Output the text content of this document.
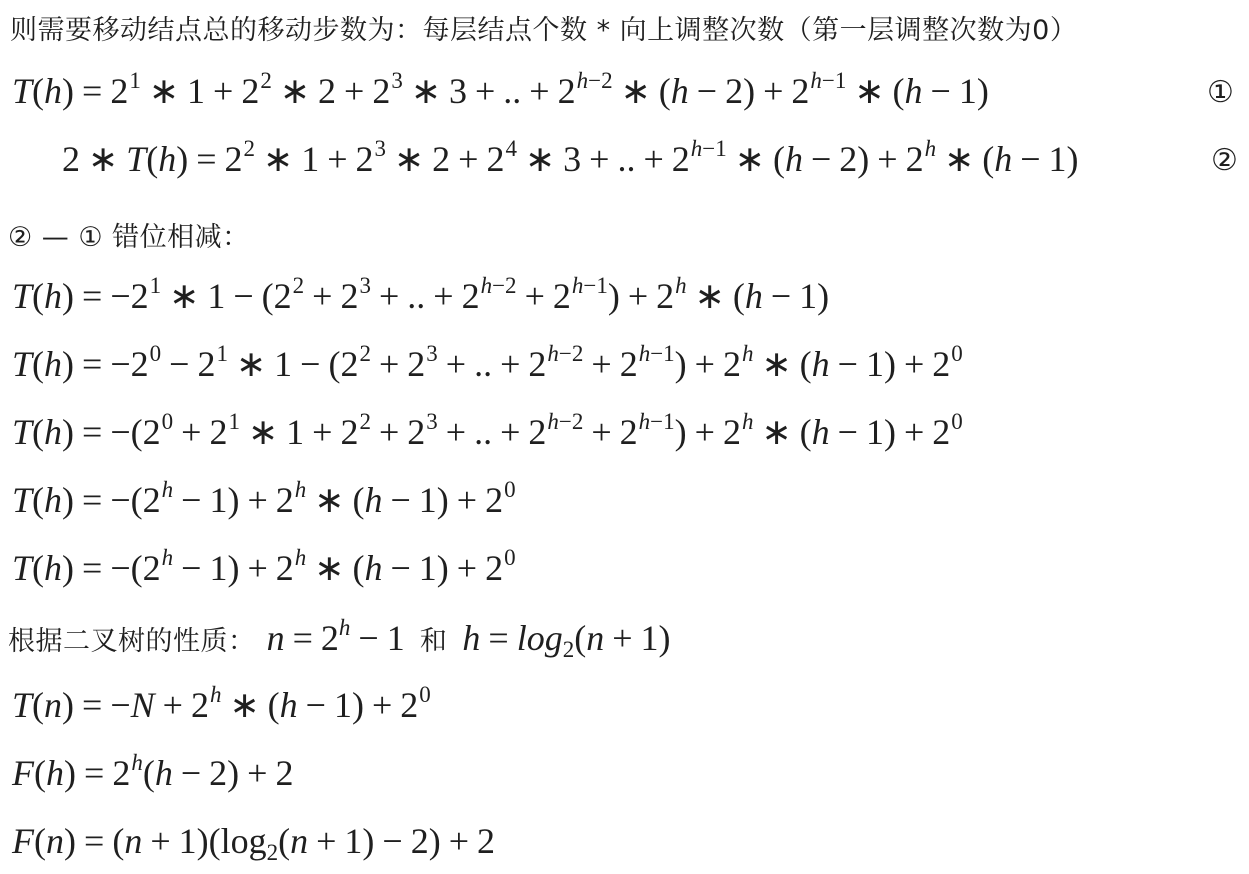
则需要移动结点总的移动步数为：每层结点个数 * 向上调整次数（第一层调整次数为0）
$T(h) = 2^1$ ∗ $1 + 2^2$ ∗ $2 + 2^3$ ∗ 3 + .. + $2^{h-2}$ ∗ $(h - 2) + 2^{h-1}$ ∗ (h − 1)	①
2 ∗ $T(h) = 2^2$ ∗ $1 + 2^3$ ∗ $2 + 2^4$ ∗ 3 + .. + $2^{h-1}$ ∗ $(h - 2) + 2^h$ ∗ (h − 1)	②
② — ① 错位相减：
$T(h) = -2^1$ ∗ $1 - (2^2 + 2^3$ + .. + $2^{h-2} + 2^{h-1}) + 2^h$ ∗ (h − 1)
$T(h) = -2^0 - 2^1$ ∗ $1 - (2^2 + 2^3$ + .. + $2^{h-2} + 2^{h-1}) + 2^h$ ∗ $(h - 1) + 2^0$
$T(h) = -(2^0 + 2^1$ ∗ $1 + 2^2 + 2^3$ + .. + $2^{h-2} + 2^{h-1}) + 2^h$ ∗ $(h - 1) + 2^0$
$T(h) = -(2^h - 1) + 2^h$ ∗ $(h - 1) + 2^0$
$T(h) = -(2^h - 1) + 2^h$ ∗ $(h - 1) + 2^0$
根据二叉树的性质： $n = 2^h - 1$ 和 $h = \log_2(n + 1)$
$T(n) = -N + 2^h$ ∗ $(h - 1) + 2^0$
$F(h) = 2^h(h - 2) + 2$
$F(n) = (n + 1)(\log_2(n + 1) - 2) + 2$
